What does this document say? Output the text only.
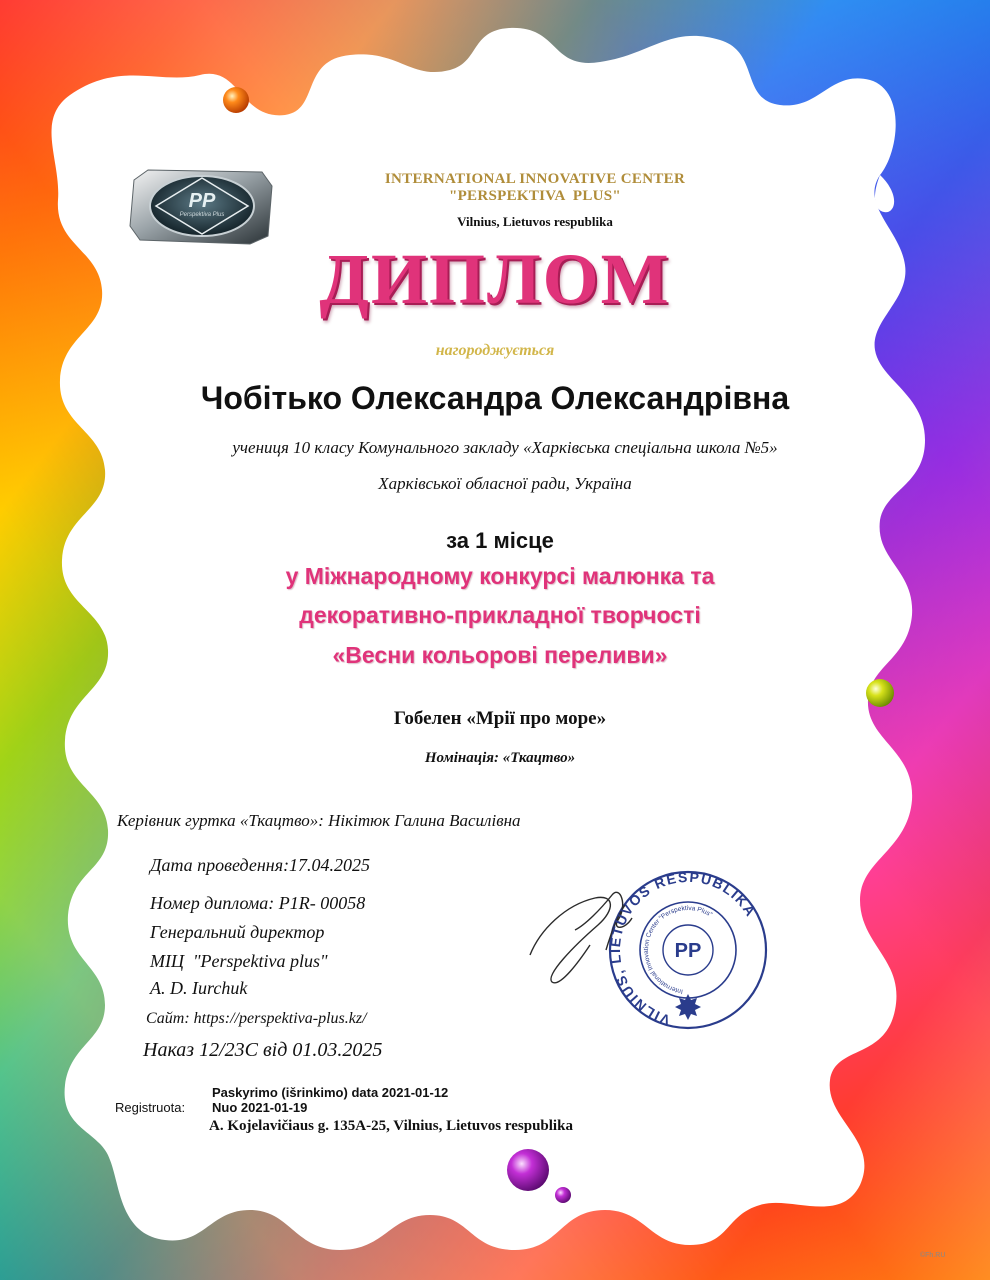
PP
Perspektiva Plus
INTERNATIONAL INNOVATIVE CENTER
"PERSPEKTIVA  PLUS"
Vilnius, Lietuvos respublika
ДИПЛОМ
нагороджується
Чобітько Олександра Олександрівна
учениця 10 класу Комунального закладу «Харківська спеціальна школа №5»
Харківської обласної ради, Україна
за 1 місце
у Міжнародному конкурсі малюнка та
декоративно-прикладної творчості
«Весни кольорові переливи»
Гобелен «Мрії про море»
Номінація: «Ткацтво»
Керівник гуртка «Ткацтво»: Нікітюк Галина Василівна
Дата проведення:17.04.2025
Номер диплома: P1R- 00058
Генеральний директор
МІЦ  "Perspektiva plus"
A. D. Iurchuk
Сайт: https://perspektiva-plus.kz/
Наказ 12/23С від 01.03.2025
Registruota:
Paskyrimo (išrinkimo) data 2021-01-12
Nuo 2021-01-19
A. Kojelavičiaus g. 135A-25, Vilnius, Lietuvos respublika
©Fh.RU
VILNIUS, LIETUVOS RESPUBLIKA
International Innovation Center "Perspektiva Plus"
PP
